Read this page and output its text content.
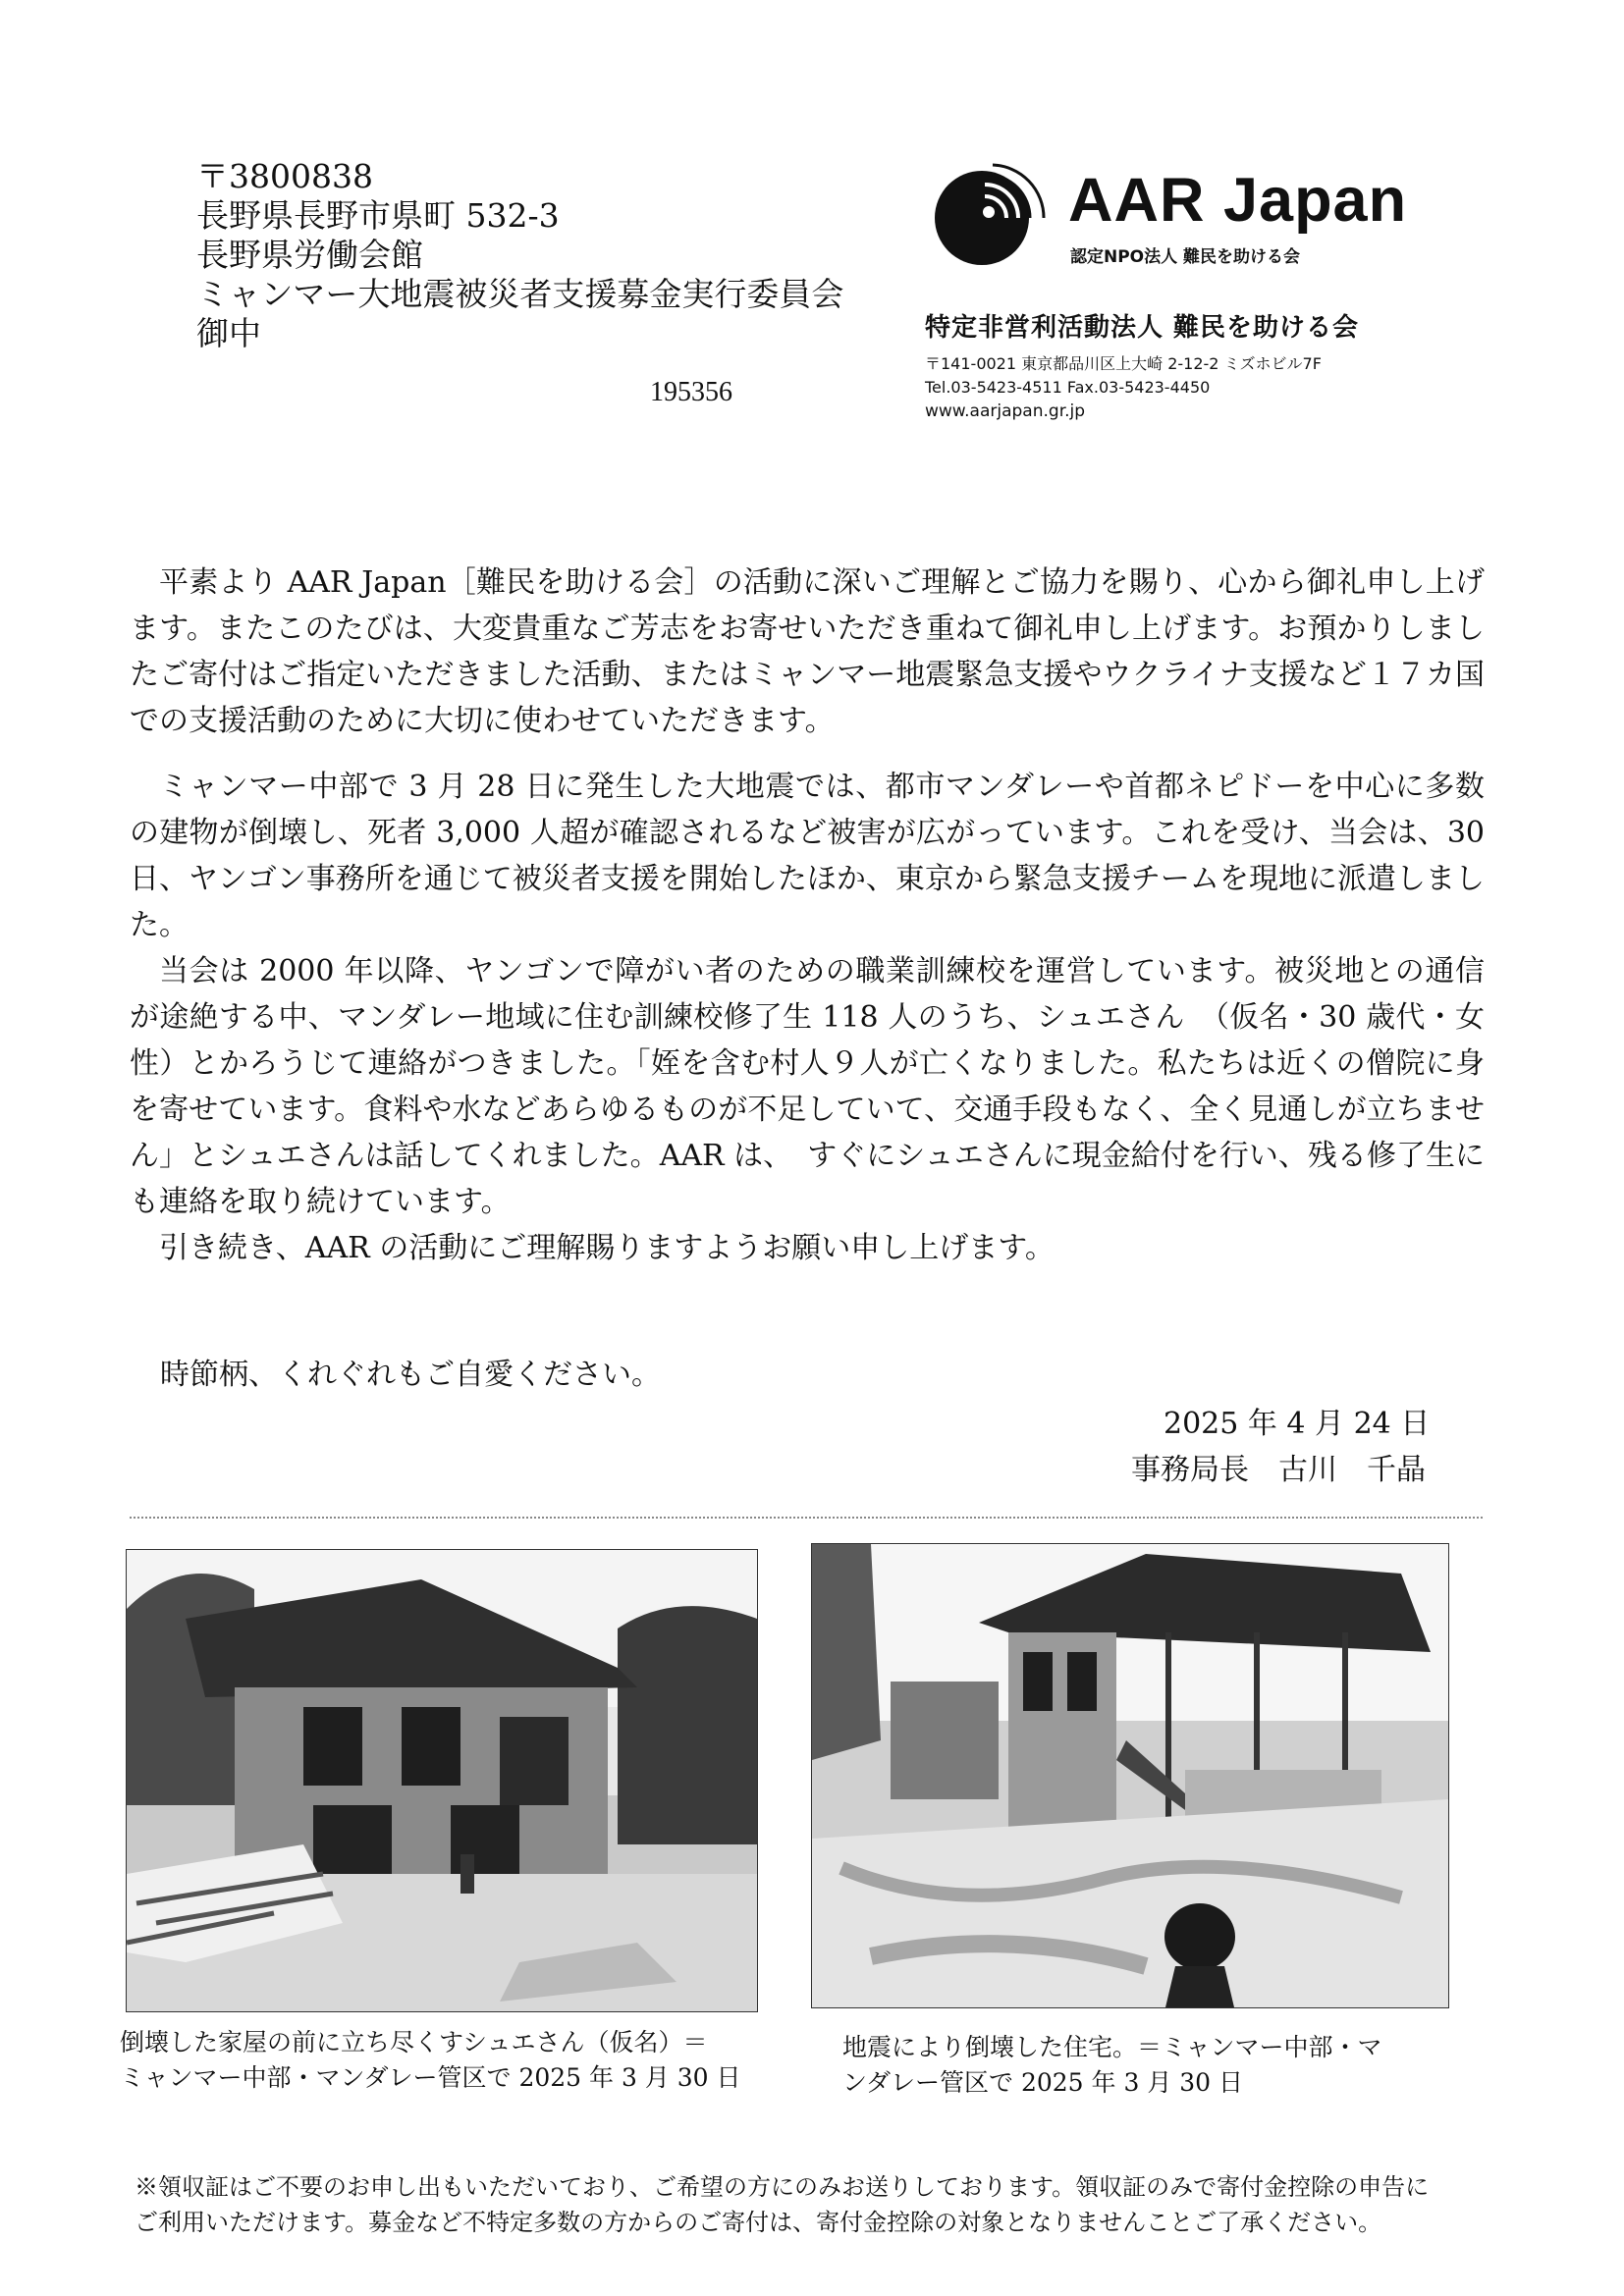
〒3800838
長野県長野市県町 532-3
長野県労働会館
ミャンマー大地震被災者支援募金実行委員会
御中
195356
AAR Japan
認定NPO法人 難民を助ける会
特定非営利活動法人 難民を助ける会
〒141-0021 東京都品川区上大崎 2-12-2 ミズホビル7F
Tel.03-5423-4511 Fax.03-5423-4450
www.aarjapan.gr.jp

平素より AAR Japan［難民を助ける会］の活動に深いご理解とご協力を賜り、心から御礼申し上げます。またこのたびは、大変貴重なご芳志をお寄せいただき重ねて御礼申し上げます。お預かりしましたご寄付はご指定いただきました活動、またはミャンマー地震緊急支援やウクライナ支援など１７カ国での支援活動のために大切に使わせていただきます。

ミャンマー中部で 3 月 28 日に発生した大地震では、都市マンダレーや首都ネピドーを中心に多数の建物が倒壊し、死者 3,000 人超が確認されるなど被害が広がっています。これを受け、当会は、30 日、ヤンゴン事務所を通じて被災者支援を開始したほか、東京から緊急支援チームを現地に派遣しました。

当会は 2000 年以降、ヤンゴンで障がい者のための職業訓練校を運営しています。被災地との通信が途絶する中、マンダレー地域に住む訓練校修了生 118 人のうち、シュエさん　（仮名・30 歳代・女性）とかろうじて連絡がつきました。「姪を含む村人９人が亡くなりました。私たちは近くの僧院に身を寄せています。食料や水などあらゆるものが不足していて、交通手段もなく、全く見通しが立ちません」とシュエさんは話してくれました。AAR は、　すぐにシュエさんに現金給付を行い、残る修了生にも連絡を取り続けています。

引き続き、AAR の活動にご理解賜りますようお願い申し上げます。

時節柄、くれぐれもご自愛ください。
2025 年 4 月 24 日
事務局長　古川　千晶
倒壊した家屋の前に立ち尽くすシュエさん（仮名）＝
ミャンマー中部・マンダレー管区で 2025 年 3 月 30 日
地震により倒壊した住宅。＝ミャンマー中部・マ
ンダレー管区で 2025 年 3 月 30 日
※領収証はご不要のお申し出もいただいており、ご希望の方にのみお送りしております。領収証のみで寄付金控除の申告に
ご利用いただけます。募金など不特定多数の方からのご寄付は、寄付金控除の対象となりませんことご了承ください。
